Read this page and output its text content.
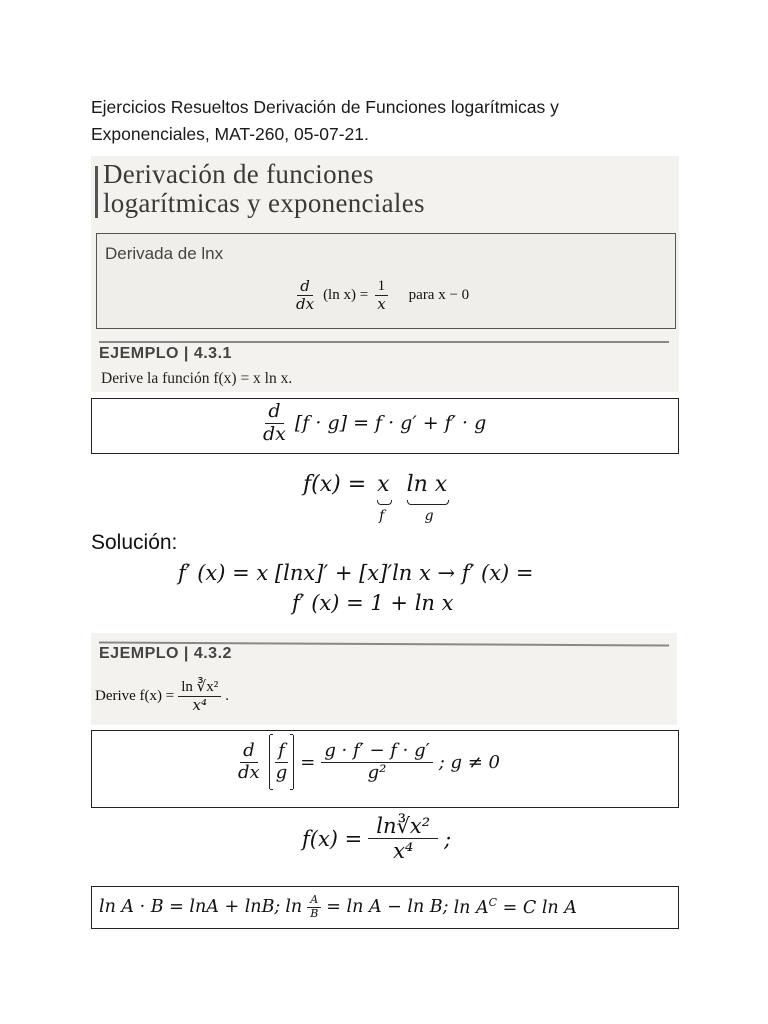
Ejercicios Resueltos Derivación de Funciones logarítmicas y
Exponenciales, MAT-260, 05-07-21.
Derivación de funciones
logarítmicas y exponenciales
Derivada de lnx
$\frac{d}{dx} (\ln$ $x) = \frac{1}{x}$ para x − 0
EJEMPLO | 4.3.1
Derive la función f(x) = x ln x.
$\frac{d}{dx} [f \cdot g] = f \cdot g' + f' \cdot g$
f(x) = x
f
ln x
g
Solución:
f′ (x) = x [lnx]′ + [x]′ln x → f′ (x) =
f′ (x) = 1 + ln x
EJEMPLO | 4.3.2
Derive $f(x) = \frac{\text{ln ∛x²}}{\text{x⁴}}$ .
$\frac{d}{dx} \frac{f}{g} = \frac{g \cdot f' - f \cdot g'}{\text{g²}}$ ; g ≠ 0
$f(x) = \frac{\text{ln∛x²}}{\text{x⁴}}$ ;
ln A · B = lnA + lnB; $\ln \frac{A}{B} = \ln A - \ln B$; $\ln A^C = C$ ln A
